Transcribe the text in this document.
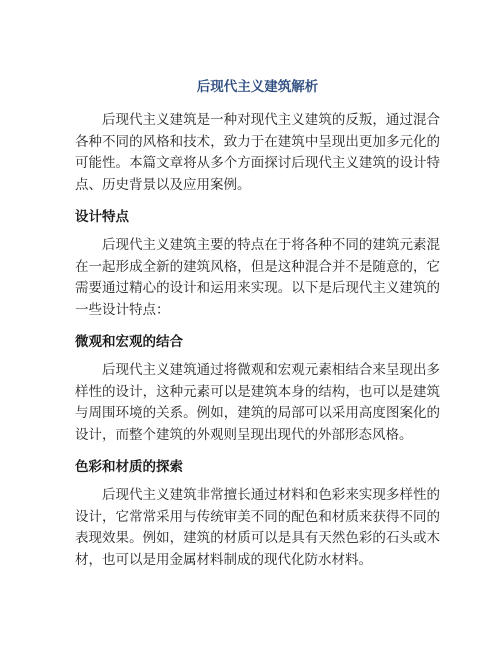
后现代主义建筑解析

后现代主义建筑是一种对现代主义建筑的反叛，通过混合各种不同的风格和技术，致力于在建筑中呈现出更加多元化的可能性。本篇文章将从多个方面探讨后现代主义建筑的设计特点、历史背景以及应用案例。

设计特点

后现代主义建筑主要的特点在于将各种不同的建筑元素混在一起形成全新的建筑风格，但是这种混合并不是随意的，它需要通过精心的设计和运用来实现。以下是后现代主义建筑的一些设计特点：

微观和宏观的结合

后现代主义建筑通过将微观和宏观元素相结合来呈现出多样性的设计，这种元素可以是建筑本身的结构，也可以是建筑与周围环境的关系。例如，建筑的局部可以采用高度图案化的设计，而整个建筑的外观则呈现出现代的外部形态风格。

色彩和材质的探索

后现代主义建筑非常擅长通过材料和色彩来实现多样性的设计，它常常采用与传统审美不同的配色和材质来获得不同的表现效果。例如，建筑的材质可以是具有天然色彩的石头或木材，也可以是用金属材料制成的现代化防水材料。
